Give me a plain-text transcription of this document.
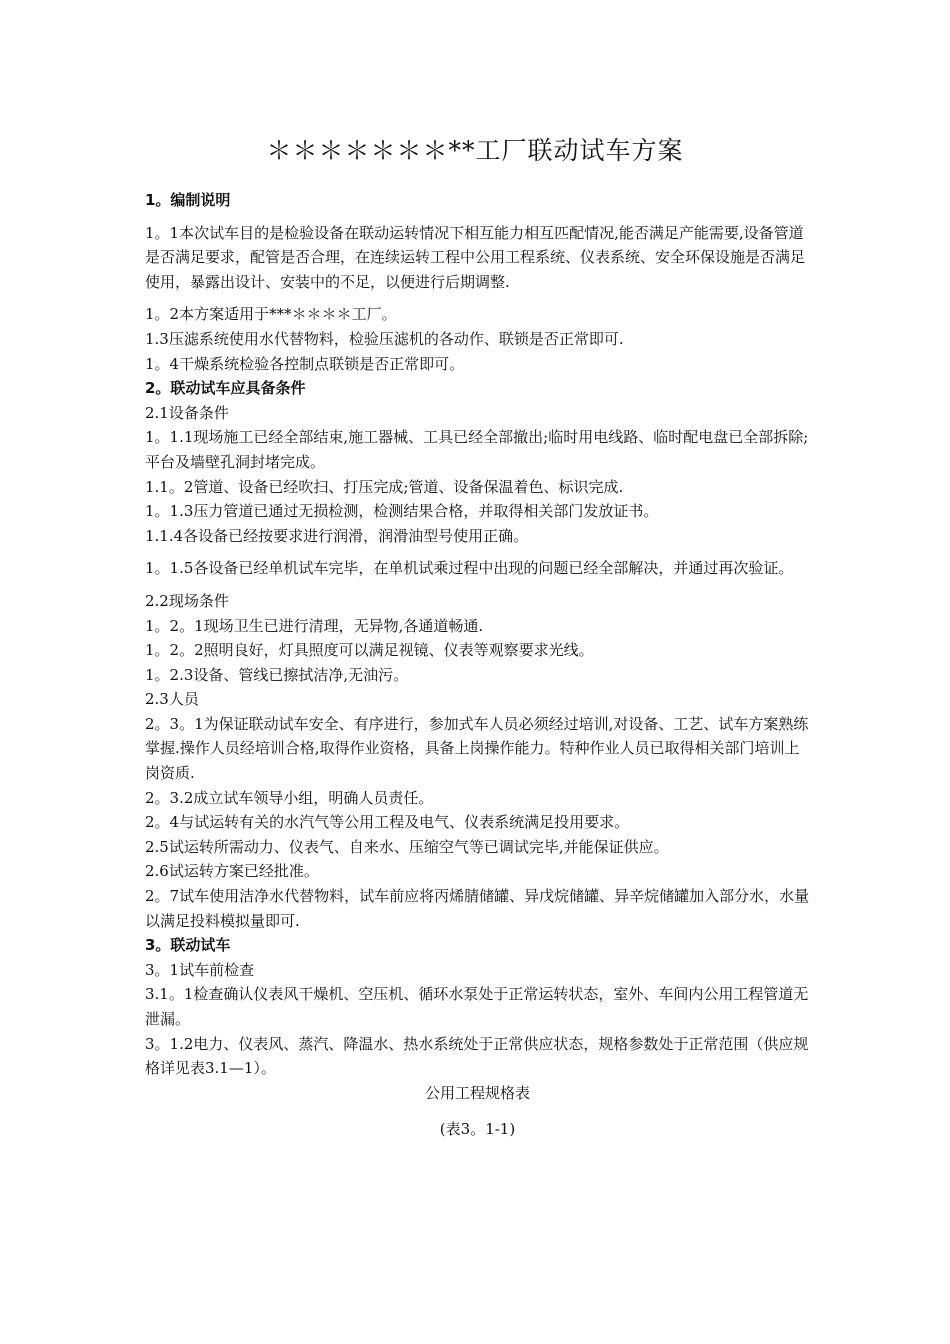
＊＊＊＊＊＊＊**工厂联动试车方案
1。编制说明

1。1本次试车目的是检验设备在联动运转情况下相互能力相互匹配情况,能否满足产能需要,设备管道是否满足要求，配管是否合理，在连续运转工程中公用工程系统、仪表系统、安全环保设施是否满足使用，暴露出设计、安装中的不足，以便进行后期调整.

1。2本方案适用于***＊＊＊＊工厂。

1.3压滤系统使用水代替物料，检验压滤机的各动作、联锁是否正常即可.

1。4干燥系统检验各控制点联锁是否正常即可。

2。联动试车应具备条件

2.1设备条件

1。1.1现场施工已经全部结束,施工器械、工具已经全部撤出;临时用电线路、临时配电盘已全部拆除;平台及墙壁孔洞封堵完成。

1.1。2管道、设备已经吹扫、打压完成;管道、设备保温着色、标识完成.

1。1.3压力管道已通过无损检测，检测结果合格，并取得相关部门发放证书。

1.1.4各设备已经按要求进行润滑，润滑油型号使用正确。

1。1.5各设备已经单机试车完毕，在单机试乘过程中出现的问题已经全部解决，并通过再次验证。

2.2现场条件

1。2。1现场卫生已进行清理，无异物,各通道畅通.

1。2。2照明良好，灯具照度可以满足视镜、仪表等观察要求光线。

1。2.3设备、管线已擦拭洁净,无油污。

2.3人员

2。3。1为保证联动试车安全、有序进行，参加式车人员必须经过培训,对设备、工艺、试车方案熟练掌握.操作人员经培训合格,取得作业资格，具备上岗操作能力。特种作业人员已取得相关部门培训上岗资质.

2。3.2成立试车领导小组，明确人员责任。

2。4与试运转有关的水汽气等公用工程及电气、仪表系统满足投用要求。

2.5试运转所需动力、仪表气、自来水、压缩空气等已调试完毕,并能保证供应。

2.6试运转方案已经批准。

2。7试车使用洁净水代替物料，试车前应将丙烯腈储罐、异戊烷储罐、异辛烷储罐加入部分水，水量以满足投料模拟量即可.

3。联动试车

3。1试车前检查

3.1。1检查确认仪表风干燥机、空压机、循环水泵处于正常运转状态，室外、车间内公用工程管道无泄漏。

3。1.2电力、仪表风、蒸汽、降温水、热水系统处于正常供应状态，规格参数处于正常范围（供应规格详见表3.1—1）。

公用工程规格表

(表3。1-1)
